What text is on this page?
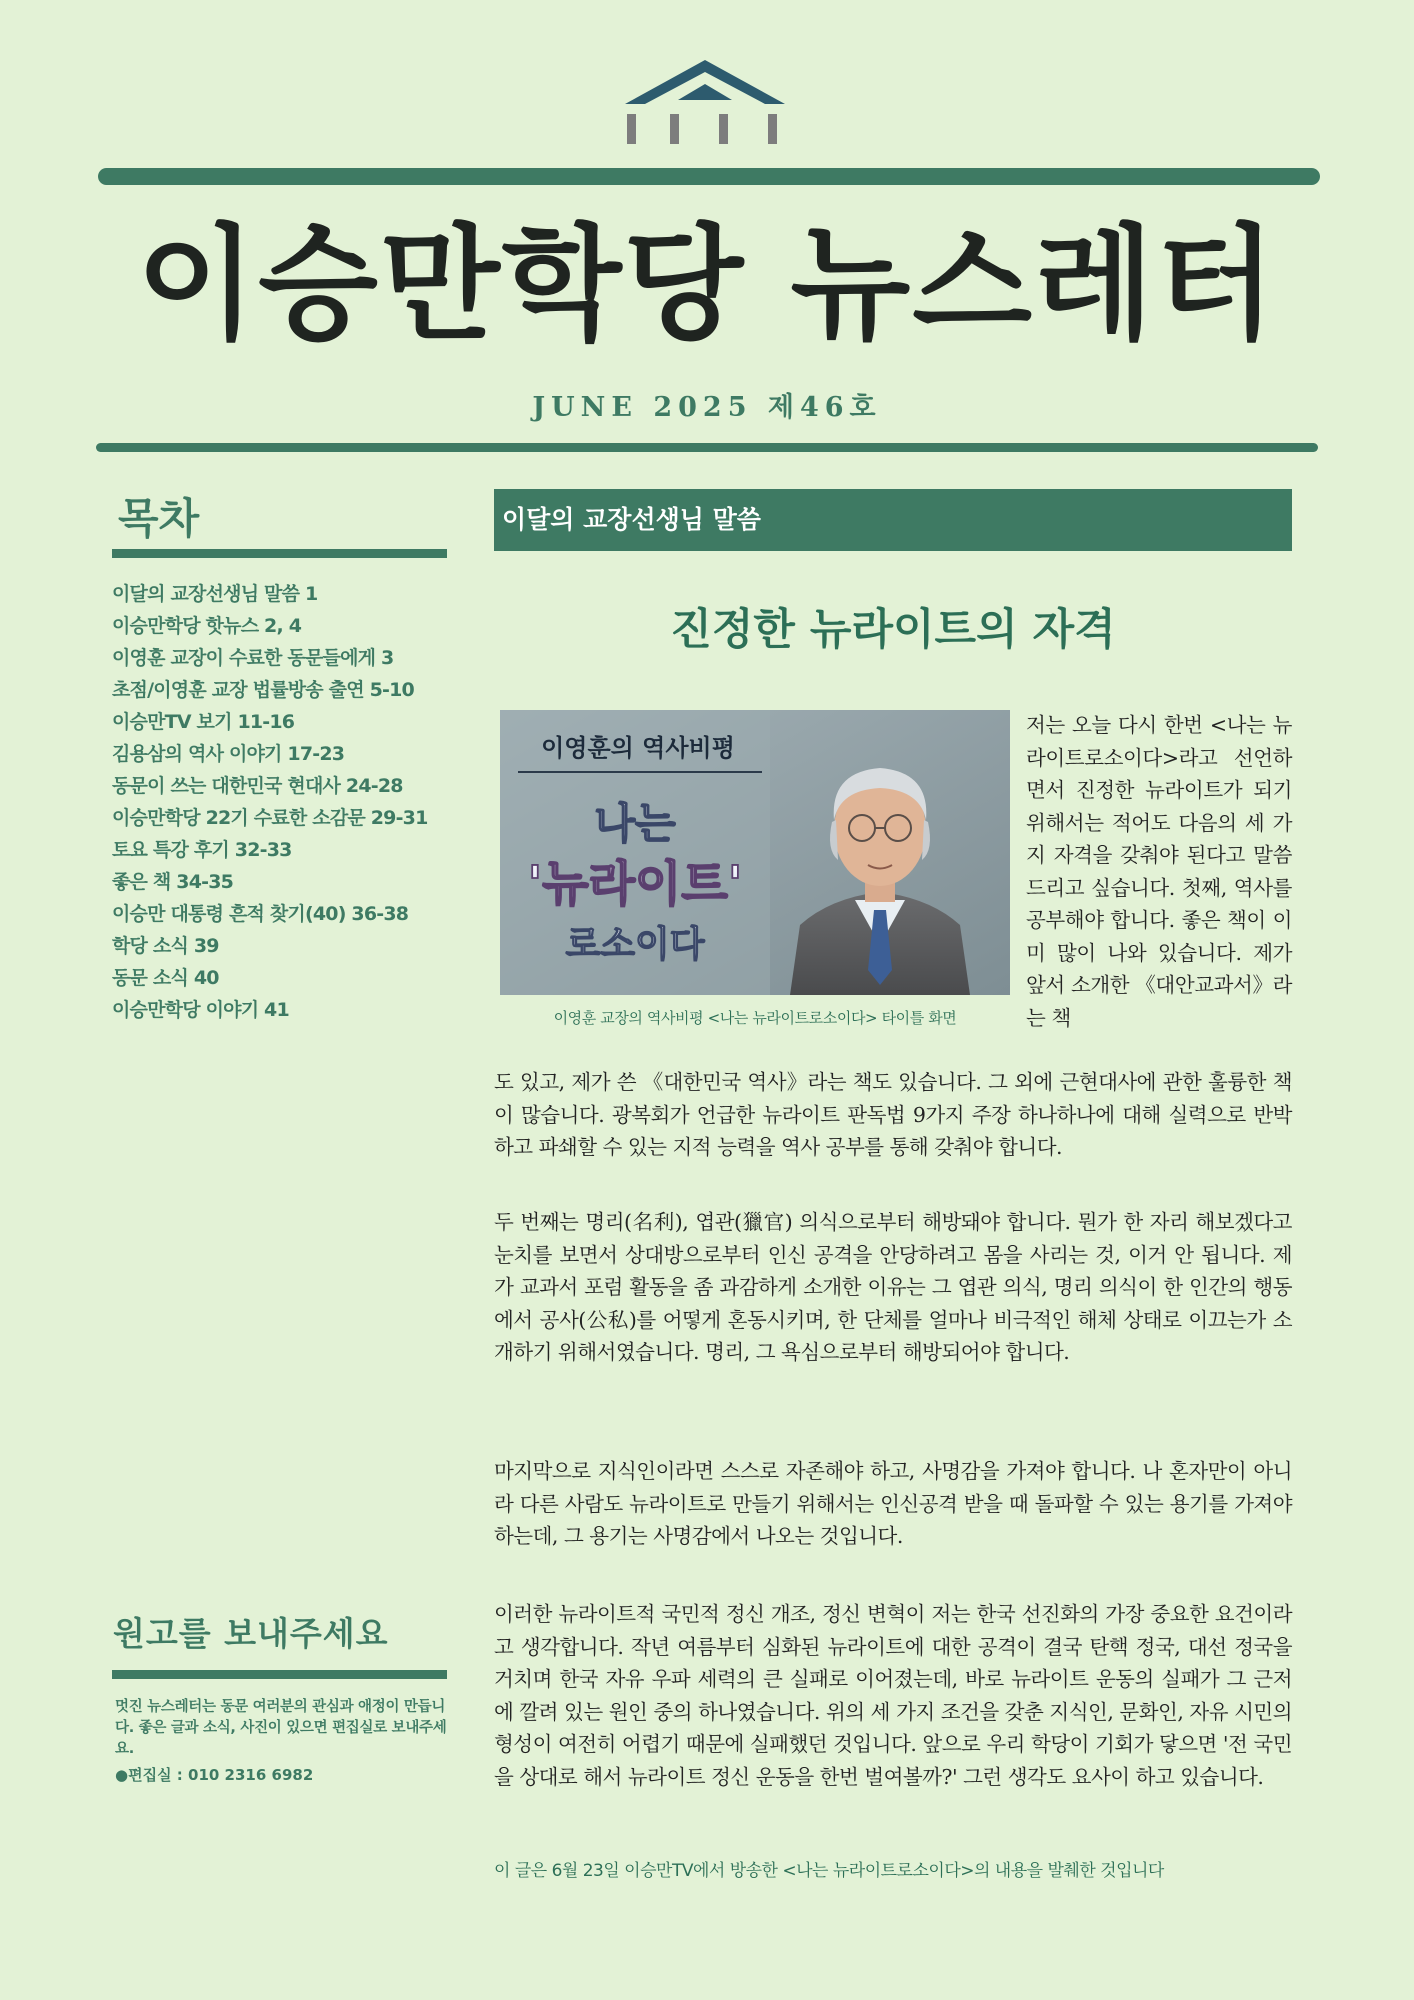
이승만학당 뉴스레터
JUNE 2025 제46호
목차
이달의 교장선생님 말씀 1
이승만학당 핫뉴스 2, 4
이영훈 교장이 수료한 동문들에게 3
초점/이영훈 교장 법률방송 출연 5-10
이승만TV 보기 11-16
김용삼의 역사 이야기 17-23
동문이 쓰는 대한민국 현대사 24-28
이승만학당 22기 수료한 소감문 29-31
토요 특강 후기 32-33
좋은 책 34-35
이승만 대통령 흔적 찾기(40) 36-38
학당 소식 39
동문 소식 40
이승만학당 이야기 41
원고를 보내주세요

멋진 뉴스레터는 동문 여러분의 관심과 애정이 만듭니다. 좋은 글과 소식, 사진이 있으면 편집실로 보내주세요.

●편집실 : 010 2316 6982
이달의 교장선생님 말씀
진정한 뉴라이트의 자격
이영훈의 역사비평
나는
'뉴라이트'
로소이다
이영훈 교장의 역사비평 <나는 뉴라이트로소이다> 타이틀 화면

저는 오늘 다시 한번 <나는 뉴라이트로소이다>라고 선언하면서 진정한 뉴라이트가 되기 위해서는 적어도 다음의 세 가지 자격을 갖춰야 된다고 말씀드리고 싶습니다. 첫째, 역사를 공부해야 합니다. 좋은 책이 이미 많이 나와 있습니다. 제가 앞서 소개한 《대안교과서》라는 책

도 있고, 제가 쓴 《대한민국 역사》라는 책도 있습니다. 그 외에 근현대사에 관한 훌륭한 책이 많습니다. 광복회가 언급한 뉴라이트 판독법 9가지 주장 하나하나에 대해 실력으로 반박하고 파쇄할 수 있는 지적 능력을 역사 공부를 통해 갖춰야 합니다.

두 번째는 명리(名利), 엽관(獵官) 의식으로부터 해방돼야 합니다. 뭔가 한 자리 해보겠다고 눈치를 보면서 상대방으로부터 인신 공격을 안당하려고 몸을 사리는 것, 이거 안 됩니다. 제가 교과서 포럼 활동을 좀 과감하게 소개한 이유는 그 엽관 의식, 명리 의식이 한 인간의 행동에서 공사(公私)를 어떻게 혼동시키며, 한 단체를 얼마나 비극적인 해체 상태로 이끄는가 소개하기 위해서였습니다. 명리, 그 욕심으로부터 해방되어야 합니다.

마지막으로 지식인이라면 스스로 자존해야 하고, 사명감을 가져야 합니다. 나 혼자만이 아니라 다른 사람도 뉴라이트로 만들기 위해서는 인신공격 받을 때 돌파할 수 있는 용기를 가져야 하는데, 그 용기는 사명감에서 나오는 것입니다.

이러한 뉴라이트적 국민적 정신 개조, 정신 변혁이 저는 한국 선진화의 가장 중요한 요건이라고 생각합니다. 작년 여름부터 심화된 뉴라이트에 대한 공격이 결국 탄핵 정국, 대선 정국을 거치며 한국 자유 우파 세력의 큰 실패로 이어졌는데, 바로 뉴라이트 운동의 실패가 그 근저에 깔려 있는 원인 중의 하나였습니다. 위의 세 가지 조건을 갖춘 지식인, 문화인, 자유 시민의 형성이 여전히 어렵기 때문에 실패했던 것입니다. 앞으로 우리 학당이 기회가 닿으면 '전 국민을 상대로 해서 뉴라이트 정신 운동을 한번 벌여볼까?' 그런 생각도 요사이 하고 있습니다.

이 글은 6월 23일 이승만TV에서 방송한 <나는 뉴라이트로소이다>의 내용을 발췌한 것입니다
